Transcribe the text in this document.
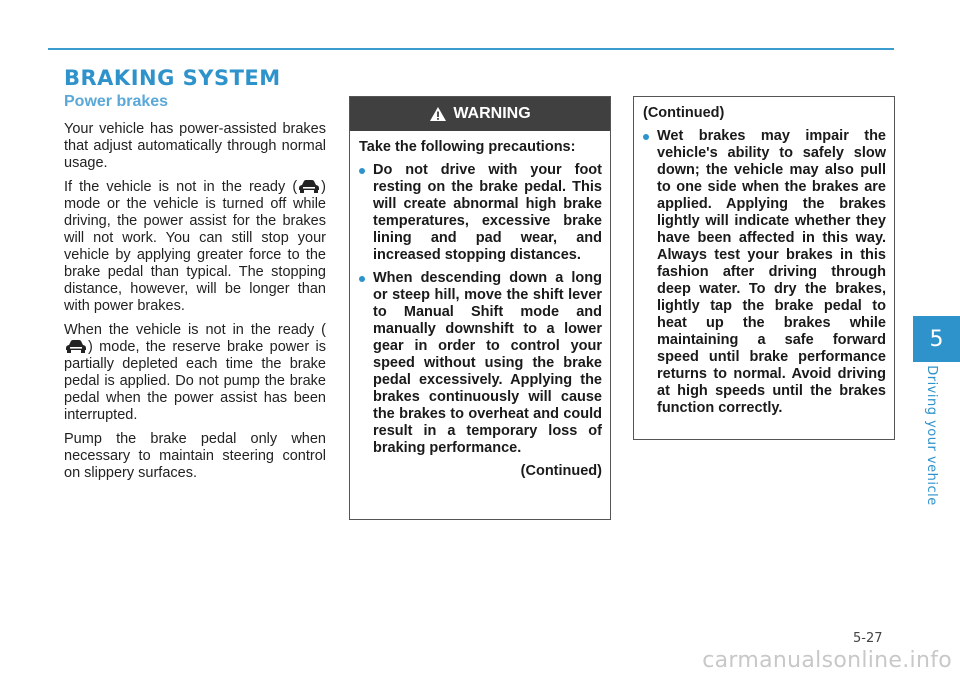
BRAKING SYSTEM
5
Driving your vehicle
Power brakes

Your vehicle has power-assisted brakes that adjust automatically through normal usage.

If the vehicle is not in the ready ( ) mode or the vehicle is turned off while driving, the power assist for the brakes will not work. You can still stop your vehicle by applying greater force to the brake pedal than typical. The stopping distance, however, will be longer than with power brakes.

When the vehicle is not in the ready () mode, the reserve brake power is partially depleted each time the brake pedal is applied. Do not pump the brake pedal when the power assist has been interrupted.

Pump the brake pedal only when necessary to maintain steering control on slippery surfaces.

WARNING

Take the following precautions:

Do not drive with your foot resting on the brake pedal. This will create abnormal high brake temperatures, excessive brake lining and pad wear, and increased stopping distances.
When descending down a long or steep hill, move the shift lever to Manual Shift mode and manually downshift to a lower gear in order to control your speed without using the brake pedal excessively. Applying the brakes continuously will cause the brakes to overheat and could result in a temporary loss of braking performance.
(Continued)

(Continued)

Wet brakes may impair the vehicle's ability to safely slow down; the vehicle may also pull to one side when the brakes are applied. Applying the brakes lightly will indicate whether they have been affected in this way. Always test your brakes in this fashion after driving through deep water. To dry the brakes, lightly tap the brake pedal to heat up the brakes while maintaining a safe forward speed until brake performance returns to normal. Avoid driving at high speeds until the brakes function correctly.
5-27
carmanualsonline.info
